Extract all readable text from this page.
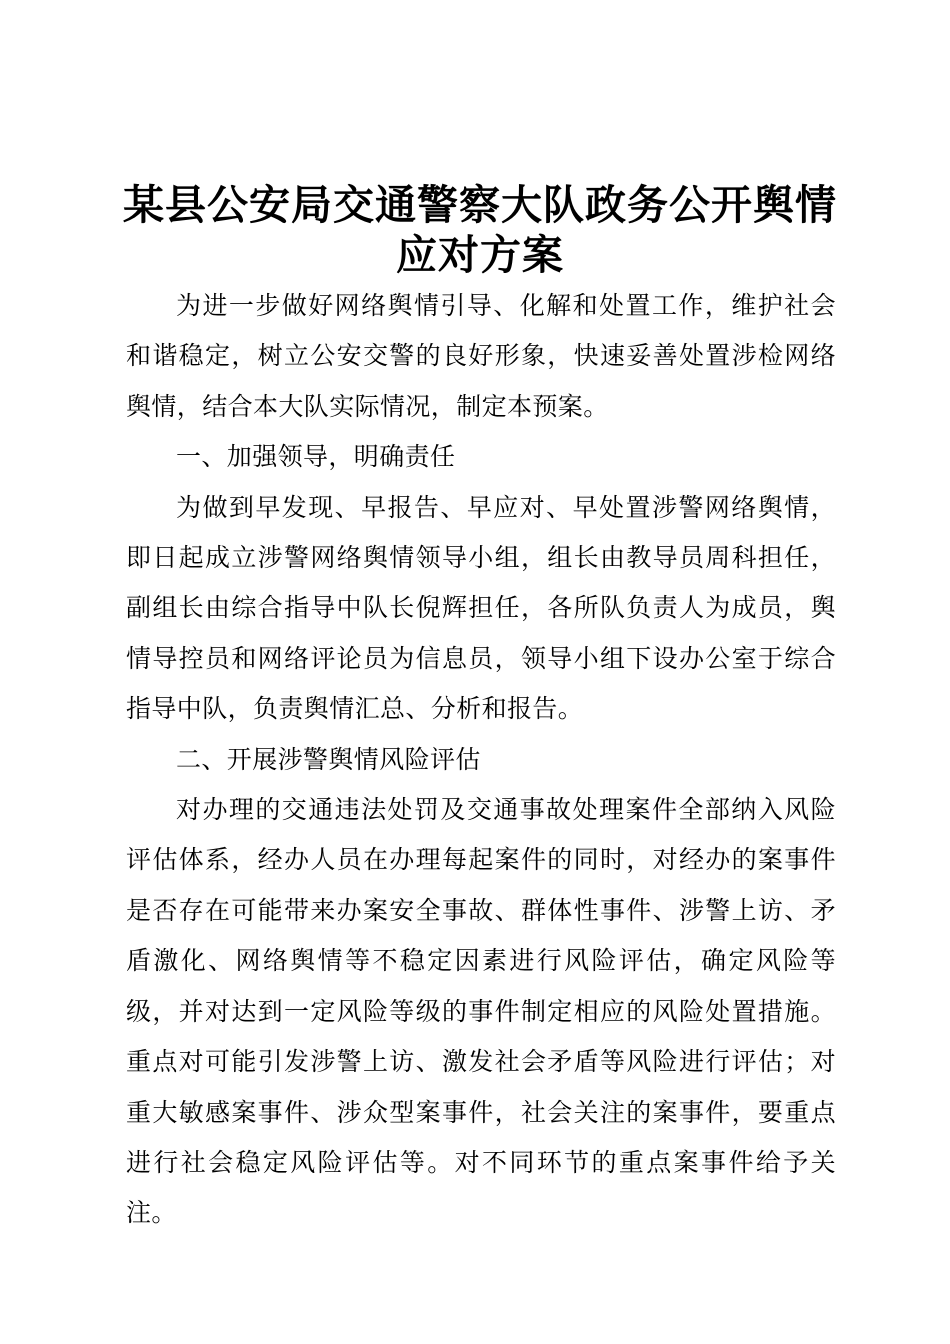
某县公安局交通警察大队政务公开舆情
应对方案

为进一步做好网络舆情引导、化解和处置工作，维护社会和谐稳定，树立公安交警的良好形象，快速妥善处置涉检网络舆情，结合本大队实际情况，制定本预案。

一、加强领导，明确责任

为做到早发现、早报告、早应对、早处置涉警网络舆情，即日起成立涉警网络舆情领导小组，组长由教导员周科担任，副组长由综合指导中队长倪辉担任，各所队负责人为成员，舆情导控员和网络评论员为信息员，领导小组下设办公室于综合指导中队，负责舆情汇总、分析和报告。

二、开展涉警舆情风险评估

对办理的交通违法处罚及交通事故处理案件全部纳入风险评估体系，经办人员在办理每起案件的同时，对经办的案事件是否存在可能带来办案安全事故、群体性事件、涉警上访、矛盾激化、网络舆情等不稳定因素进行风险评估，确定风险等级，并对达到一定风险等级的事件制定相应的风险处置措施。重点对可能引发涉警上访、激发社会矛盾等风险进行评估；对重大敏感案事件、涉众型案事件，社会关注的案事件，要重点进行社会稳定风险评估等。对不同环节的重点案事件给予关注。
